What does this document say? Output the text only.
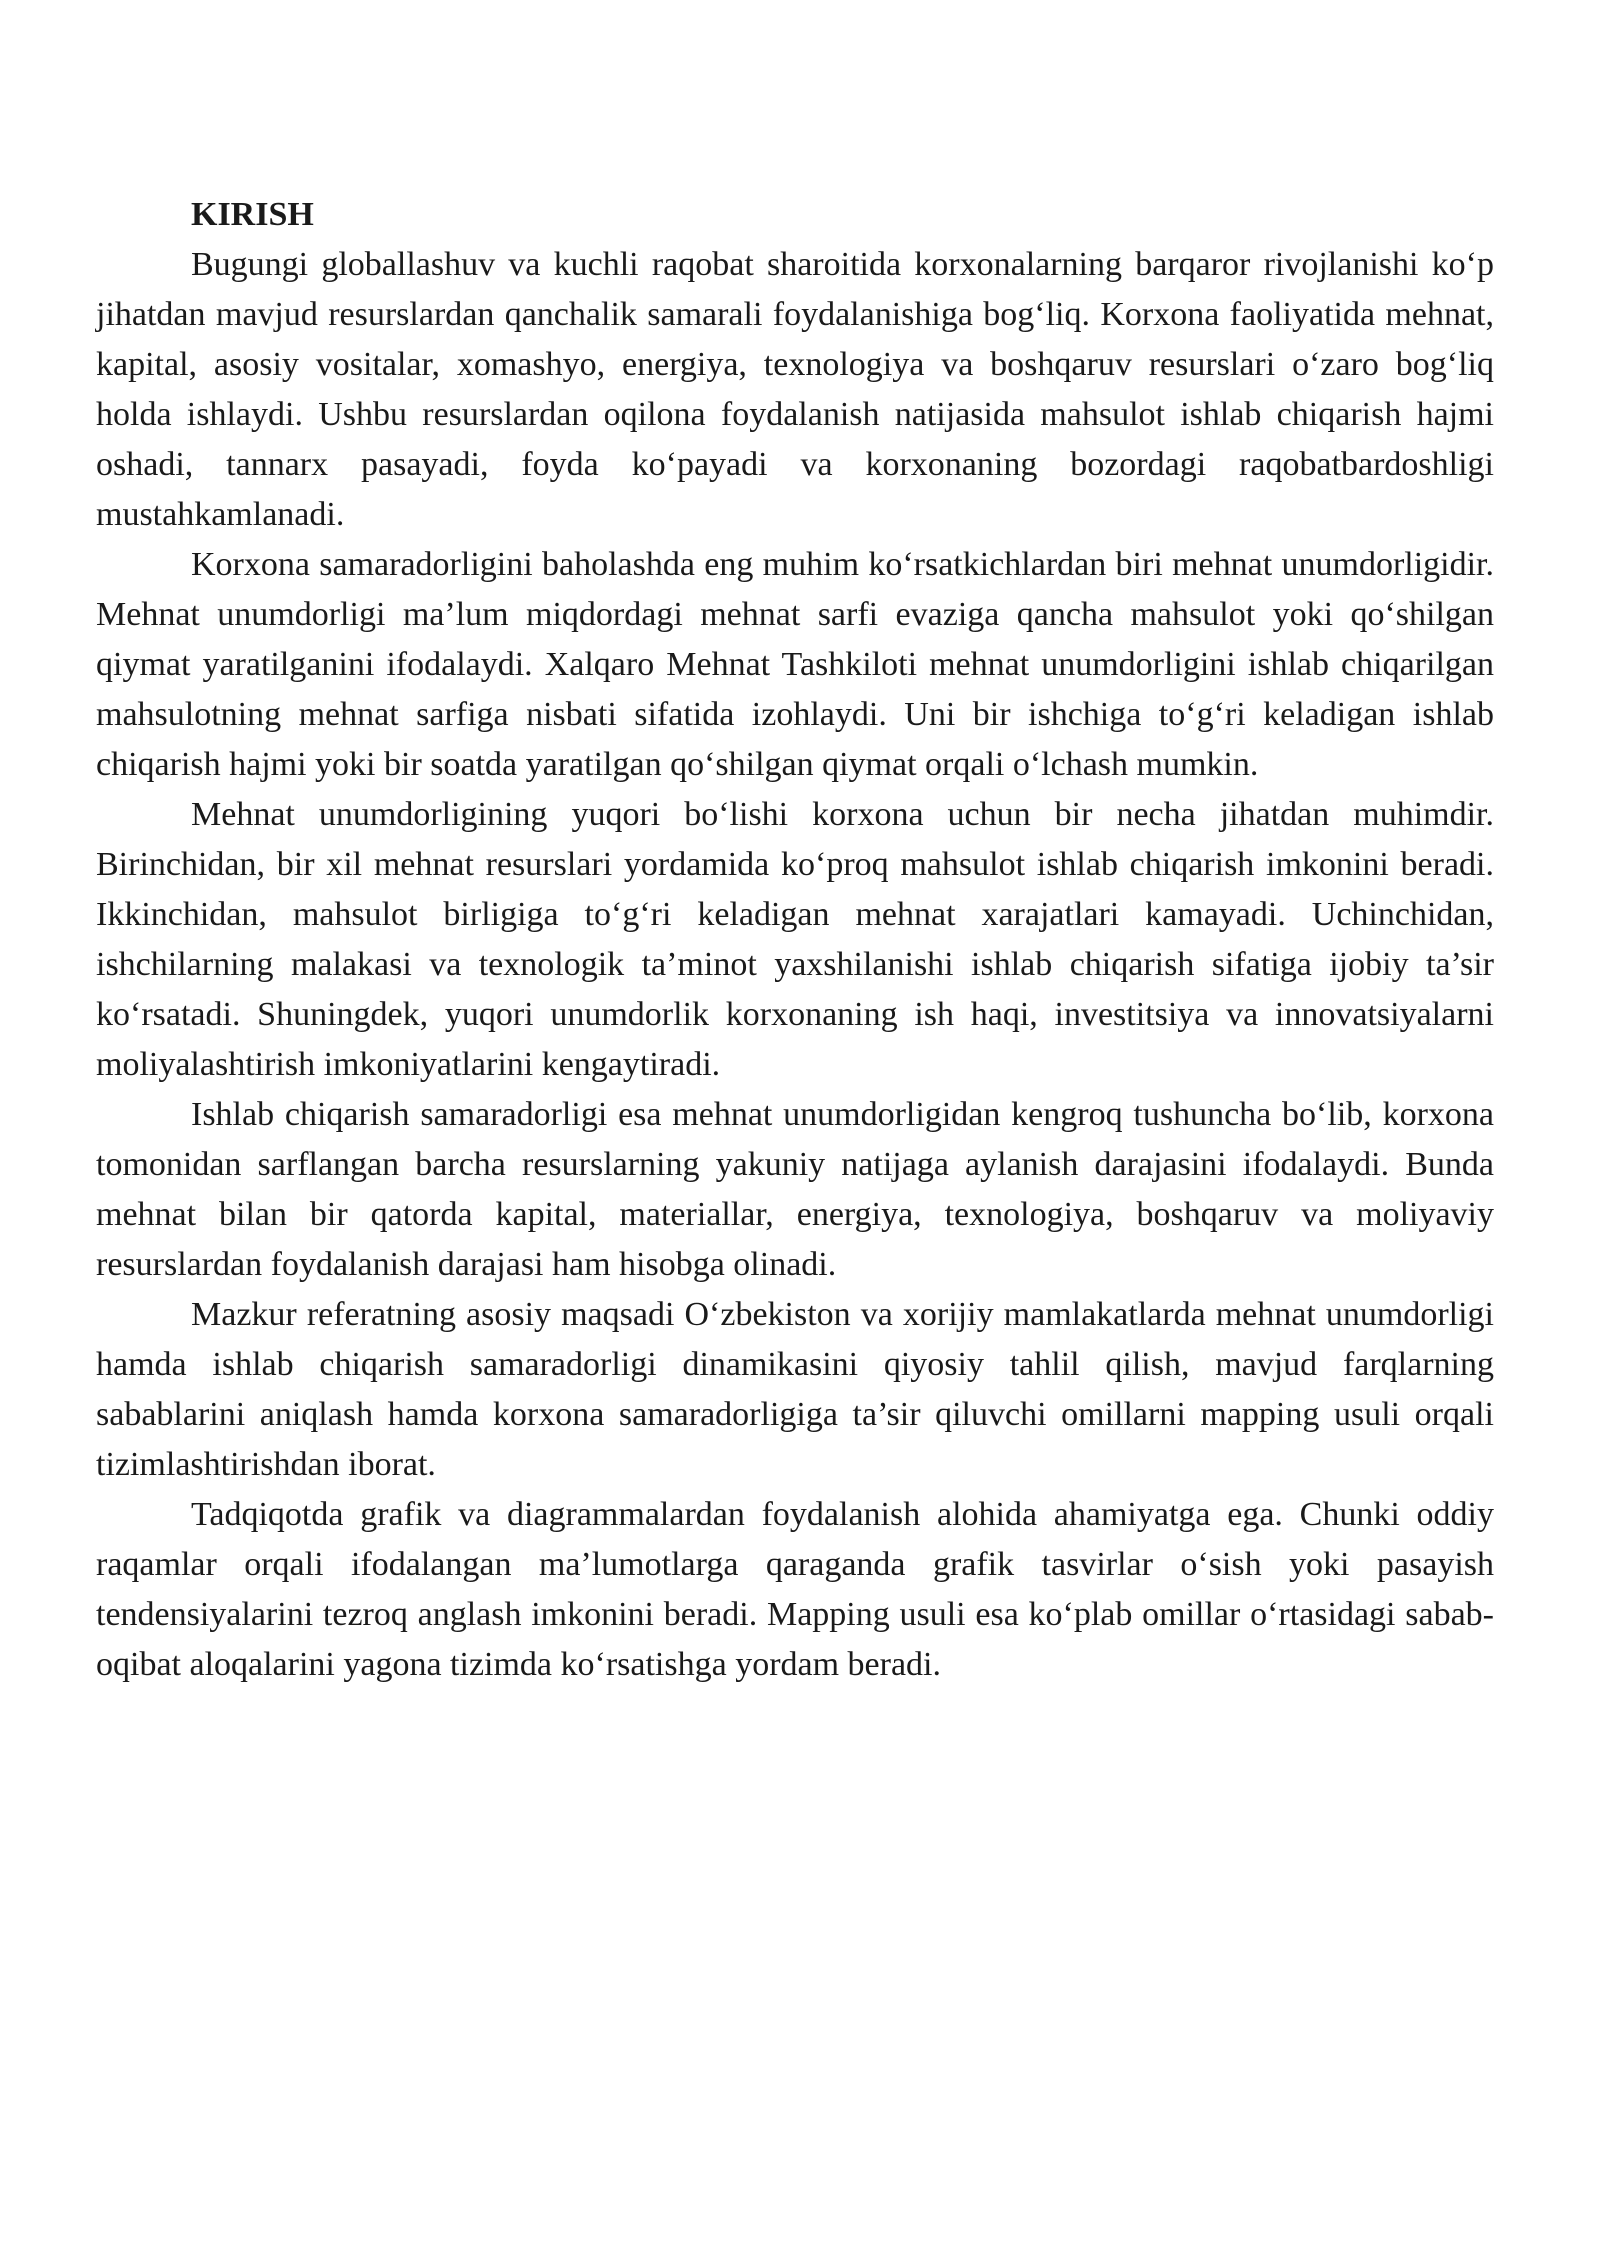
KIRISH

Bugungi globallashuv va kuchli raqobat sharoitida korxonalarning barqaror rivojlanishi ko‘p jihatdan mavjud resurslardan qanchalik samarali foydalanishiga bog‘liq. Korxona faoliyatida mehnat, kapital, asosiy vositalar, xomashyo, energiya, texnologiya va boshqaruv resurslari o‘zaro bog‘liq holda ishlaydi. Ushbu resurslardan oqilona foydalanish natijasida mahsulot ishlab chiqarish hajmi oshadi, tannarx pasayadi, foyda ko‘payadi va korxonaning bozordagi raqobatbardoshligi mustahkamlanadi.

Korxona samaradorligini baholashda eng muhim ko‘rsatkichlardan biri mehnat unumdorligidir. Mehnat unumdorligi ma’lum miqdordagi mehnat sarfi evaziga qancha mahsulot yoki qo‘shilgan qiymat yaratilganini ifodalaydi. Xalqaro Mehnat Tashkiloti mehnat unumdorligini ishlab chiqarilgan mahsulotning mehnat sarfiga nisbati sifatida izohlaydi. Uni bir ishchiga to‘g‘ri keladigan ishlab chiqarish hajmi yoki bir soatda yaratilgan qo‘shilgan qiymat orqali o‘lchash mumkin.

Mehnat unumdorligining yuqori bo‘lishi korxona uchun bir necha jihatdan muhimdir. Birinchidan, bir xil mehnat resurslari yordamida ko‘proq mahsulot ishlab chiqarish imkonini beradi. Ikkinchidan, mahsulot birligiga to‘g‘ri keladigan mehnat xarajatlari kamayadi. Uchinchidan, ishchilarning malakasi va texnologik ta’minot yaxshilanishi ishlab chiqarish sifatiga ijobiy ta’sir ko‘rsatadi. Shuningdek, yuqori unumdorlik korxonaning ish haqi, investitsiya va innovatsiyalarni moliyalashtirish imkoniyatlarini kengaytiradi.

Ishlab chiqarish samaradorligi esa mehnat unumdorligidan kengroq tushuncha bo‘lib, korxona tomonidan sarflangan barcha resurslarning yakuniy natijaga aylanish darajasini ifodalaydi. Bunda mehnat bilan bir qatorda kapital, materiallar, energiya, texnologiya, boshqaruv va moliyaviy resurslardan foydalanish darajasi ham hisobga olinadi.

Mazkur referatning asosiy maqsadi O‘zbekiston va xorijiy mamlakatlarda mehnat unumdorligi hamda ishlab chiqarish samaradorligi dinamikasini qiyosiy tahlil qilish, mavjud farqlarning sabablarini aniqlash hamda korxona samaradorligiga ta’sir qiluvchi omillarni mapping usuli orqali tizimlashtirishdan iborat.

Tadqiqotda grafik va diagrammalardan foydalanish alohida ahamiyatga ega. Chunki oddiy raqamlar orqali ifodalangan ma’lumotlarga qaraganda grafik tasvirlar o‘sish yoki pasayish tendensiyalarini tezroq anglash imkonini beradi. Mapping usuli esa ko‘plab omillar o‘rtasidagi sabab-oqibat aloqalarini yagona tizimda ko‘rsatishga yordam beradi.
